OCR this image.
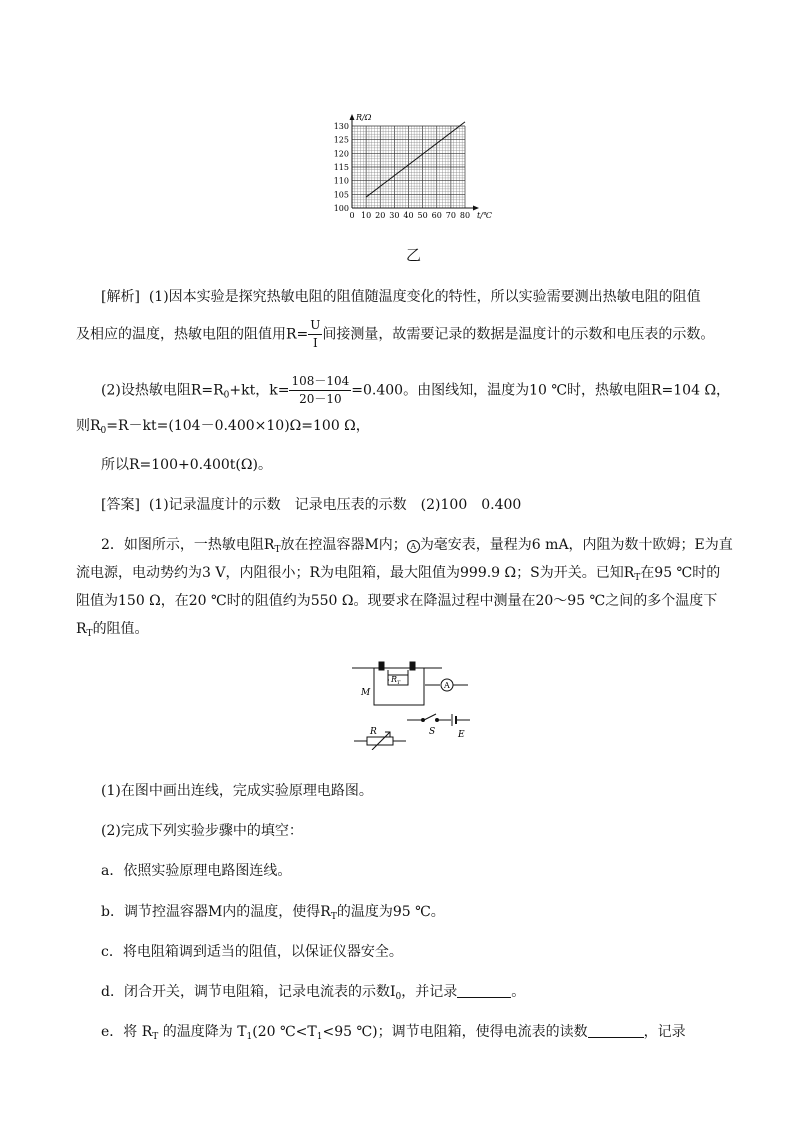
0 10 20 30 40 50 60 70 80
100
105
110
115
120
125
130
R/Ω
t/℃
乙
[解析] (1)因本实验是探究热敏电阻的阻值随温度变化的特性，所以实验需要测出热敏电阻的阻值
及相应的温度，热敏电阻的阻值用$R= \frac{U}{I}$ 间接测量，故需要记录的数据是温度计的示数和电压表的示数。
(2)设热敏电阻$R=R_0+kt$，$k= \frac{108-104}{20-10} =0.400$。由图线知，温度为10 ℃时，热敏电阻R=104 Ω，
则$R_0=R-kt=(104-0.400\times 10)\Omega=100$ Ω，
所以R=100+0.400t(Ω)。
[答案] (1)记录温度计的示数　记录电压表的示数　(2)100　0.400
2．如图所示，一热敏电阻$R_T$放在控温容器M内； A 为毫安表，量程为6 mA，内阻为数十欧姆；E为直
流电源，电动势约为3 V，内阻很小；R为电阻箱，最大阻值为999.9 Ω；S为开关。已知$R_T$在95 ℃时的
阻值为150 Ω，在20 ℃时的阻值约为550 Ω。现要求在降温过程中测量在20～95 ℃之间的多个温度下
$R_T$的阻值。
M
$R_T$	A
R	S	E
(1)在图中画出连线，完成实验原理电路图。
(2)完成下列实验步骤中的填空：
a．依照实验原理电路图连线。
b．调节控温容器M内的温度，使得$R_T$的温度为95 ℃。
c．将电阻箱调到适当的阻值，以保证仪器安全。
d．闭合开关，调节电阻箱，记录电流表的示数$I_0$，并记录	。
e．将 $R_T$ 的温度降为 $T_1(20$ $℃<T_1<95$ ℃)；调节电阻箱，使得电流表的读数	，记录
